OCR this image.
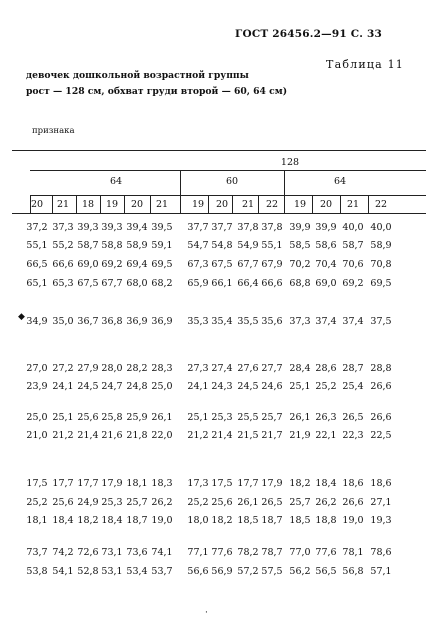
ГОСТ 26456.2—91 С. 33
Таблица 11
девочек дошкольной возрастной группы
рост — 128 см, обхват груди второй — 60, 64 см)
признака
128
64	60	64
20	21	18	19	20	21	19	20	21	22	19	20	21	22
37,2 37,3 39,3 39,3 39,4 39,5	37,7 37,7 37,8 37,8 39,9 39,9 40,0 40,0
55,1 55,2 58,7 58,8 58,9 59,1	54,7 54,8 54,9 55,1 58,5 58,6 58,7 58,9
66,5 66,6 69,0 69,2 69,4 69,5	67,3 67,5 67,7 67,9 70,2 70,4 70,6 70,8
65,1 65,3 67,5 67,7 68,0 68,2	65,9 66,1 66,4 66,6 68,8 69,0 69,2 69,5
34,9 35,0 36,7 36,8 36,9 36,9	35,3 35,4 35,5 35,6 37,3 37,4 37,4 37,5
27,0 27,2 27,9 28,0 28,2 28,3	27,3 27,4 27,6 27,7 28,4 28,6 28,7 28,8
23,9 24,1 24,5 24,7 24,8 25,0	24,1 24,3 24,5 24,6 25,1 25,2 25,4 26,6
25,0 25,1 25,6 25,8 25,9 26,1	25,1 25,3 25,5 25,7 26,1 26,3 26,5 26,6
21,0 21,2 21,4 21,6 21,8 22,0	21,2 21,4 21,5 21,7 21,9 22,1 22,3 22,5
17,5 17,7 17,7 17,9 18,1 18,3	17,3 17,5 17,7 17,9 18,2 18,4 18,6 18,6
25,2 25,6 24,9 25,3 25,7 26,2	25,2 25,6 26,1 26,5 25,7 26,2 26,6 27,1
18,1 18,4 18,2 18,4 18,7 19,0	18,0 18,2 18,5 18,7 18,5 18,8 19,0 19,3
73,7 74,2 72,6 73,1 73,6 74,1	77,1 77,6 78,2 78,7 77,0 77,6 78,1 78,6
53,8 54,1 52,8 53,1 53,4 53,7	56,6 56,9 57,2 57,5 56,2 56,5 56,8 57,1
◆
·
